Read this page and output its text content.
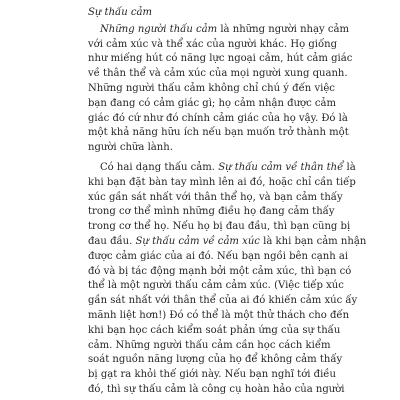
Sự thấu cảm

Những người thấu cảm là những người nhạy cảm
với cảm xúc và thể xác của người khác. Họ giống
như miếng hút có năng lực ngoại cảm, hút cảm giác
về thân thể và cảm xúc của mọi người xung quanh.
Những người thấu cảm không chỉ chú ý đến việc
bạn đang có cảm giác gì; họ cảm nhận được cảm
giác đó cứ như đó chính cảm giác của họ vậy. Đó là
một khả năng hữu ích nếu bạn muốn trở thành một
người chữa lành.

Có hai dạng thấu cảm. Sự thấu cảm về thân thể là
khi bạn đặt bàn tay mình lên ai đó, hoặc chỉ cần tiếp
xúc gần sát nhất với thân thể họ, và bạn cảm thấy
trong cơ thể mình những điều họ đang cảm thấy
trong cơ thể họ. Nếu họ bị đau đầu, thì bạn cũng bị
đau đầu. Sự thấu cảm về cảm xúc là khi bạn cảm nhận
được cảm giác của ai đó. Nếu bạn ngồi bên cạnh ai
đó và bị tác động mạnh bởi một cảm xúc, thì bạn có
thể là một người thấu cảm cảm xúc. (Việc tiếp xúc
gần sát nhất với thân thể của ai đó khiến cảm xúc ấy
mãnh liệt hơn!) Đó có thể là một thử thách cho đến
khi bạn học cách kiểm soát phản ứng của sự thấu
cảm. Những người thấu cảm cần học cách kiểm
soát nguồn năng lượng của họ để không cảm thấy
bị gạt ra khỏi thế giới này. Nếu bạn nghĩ tới điều
đó, thì sự thấu cảm là công cụ hoàn hảo của người
